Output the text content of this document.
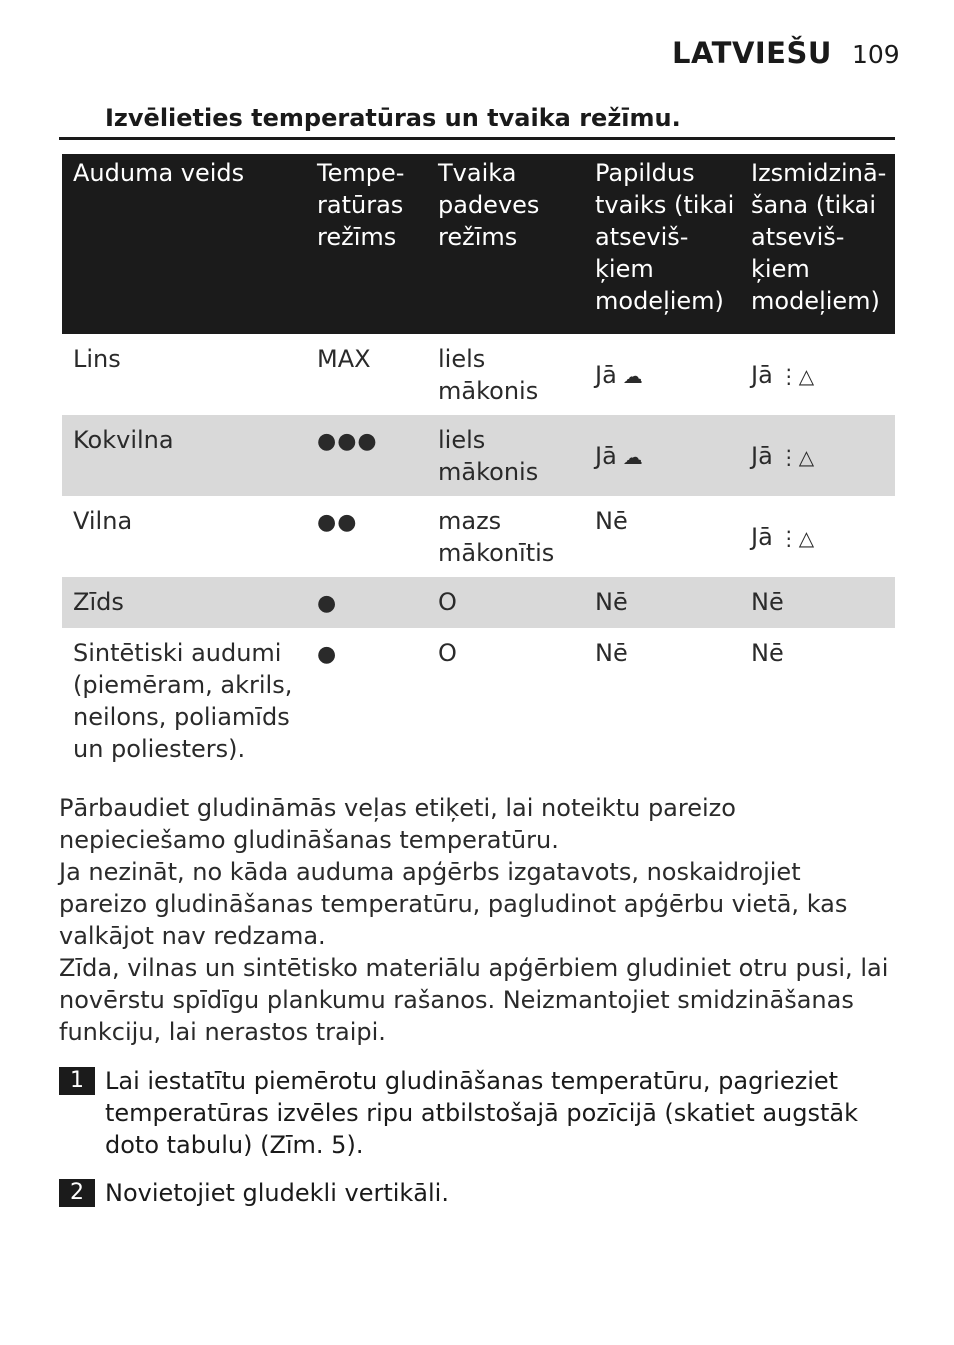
LATVIEŠU 109
Izvēlieties temperatūras un tvaika režīmu.
Auduma veids	Tempe-
ratūras
režīms	Tvaika
padeves
režīms	Papildus
tvaiks (tikai
atseviš-
ķiem
modeļiem)	Izsmidzinā-
šana (tikai
atseviš-
ķiem
modeļiem)
Lins	MAX	liels
mākonis	Jā ☁	Jā ⋮△
Kokvilna	●●●	liels
mākonis	Jā ☁	Jā ⋮△
Vilna	●●	mazs
mākonītis	Nē	Jā ⋮△
Zīds	●	O	Nē	Nē
Sintētiski audumi
(piemēram, akrils,
neilons, poliamīds
un poliesters).	●	O	Nē	Nē

Pārbaudiet gludināmās veļas etiķeti, lai noteiktu pareizo nepieciešamo gludināšanas temperatūru.

Ja nezināt, no kāda auduma apģērbs izgatavots, noskaidrojiet pareizo gludināšanas temperatūru, pagludinot apģērbu vietā, kas valkājot nav redzama.

Zīda, vilnas un sintētisko materiālu apģērbiem gludiniet otru pusi, lai novērstu spīdīgu plankumu rašanos. Neizmantojiet smidzināšanas funkciju, lai nerastos traipi.

1 Lai iestatītu piemērotu gludināšanas temperatūru, pagrieziet temperatūras izvēles ripu atbilstošajā pozīcijā (skatiet augstāk doto tabulu) (Zīm. 5).
2 Novietojiet gludekli vertikāli.
